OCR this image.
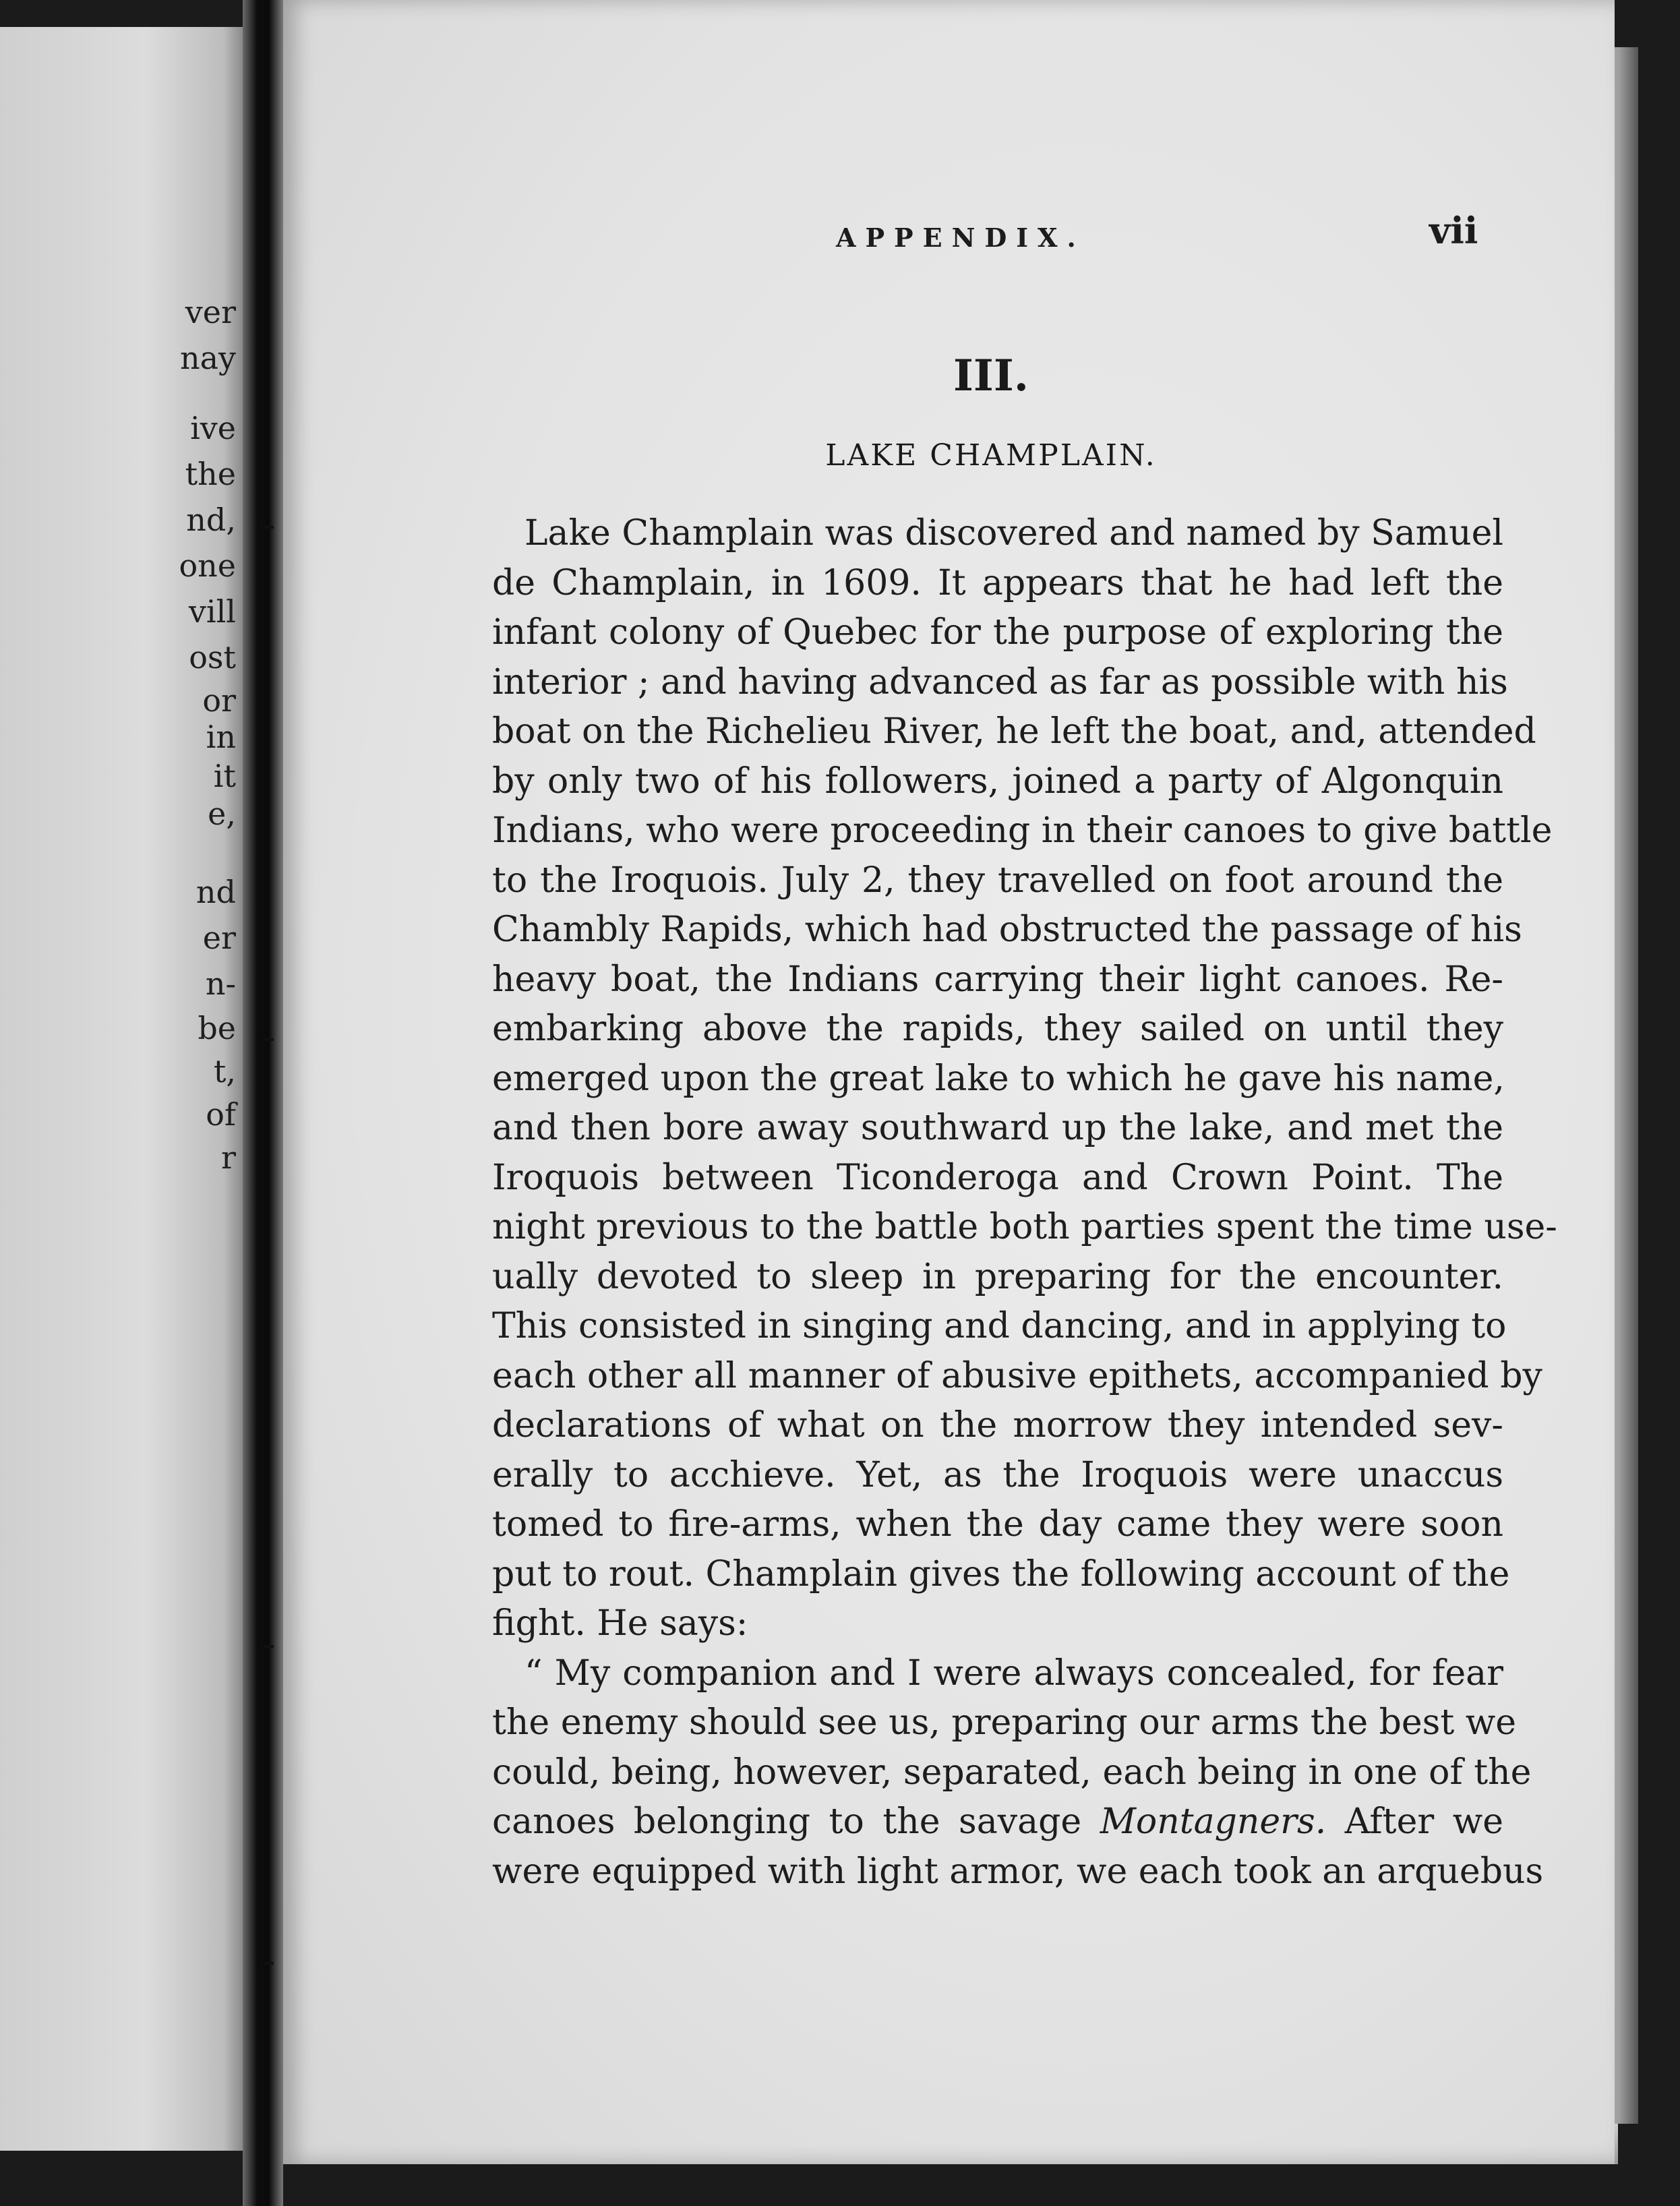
ver
nay
ive
the
nd,
one
vill
ost
or
in
it
e,
nd
er
n-
be
t,
of
r
APPENDIX.	vii
III.
LAKE CHAMPLAIN.
Lake Champlain was discovered and named by Samuel
de Champlain, in 1609. It appears that he had left the
infant colony of Quebec for the purpose of exploring the
interior ; and having advanced as far as possible with his
boat on the Richelieu River, he left the boat, and, attended
by only two of his followers, joined a party of Algonquin
Indians, who were proceeding in their canoes to give battle
to the Iroquois. July 2, they travelled on foot around the
Chambly Rapids, which had obstructed the passage of his
heavy boat, the Indians carrying their light canoes. Re-
embarking above the rapids, they sailed on until they
emerged upon the great lake to which he gave his name,
and then bore away southward up the lake, and met the
Iroquois between Ticonderoga and Crown Point. The
night previous to the battle both parties spent the time use-
ually devoted to sleep in preparing for the encounter.
This consisted in singing and dancing, and in applying to
each other all manner of abusive epithets, accompanied by
declarations of what on the morrow they intended sev-
erally to acchieve. Yet, as the Iroquois were unaccus
tomed to fire-arms, when the day came they were soon
put to rout. Champlain gives the following account of the
fight. He says:
“ My companion and I were always concealed, for fear
the enemy should see us, preparing our arms the best we
could, being, however, separated, each being in one of the
canoes belonging to the savage Montagners. After we
were equipped with light armor, we each took an arquebus
